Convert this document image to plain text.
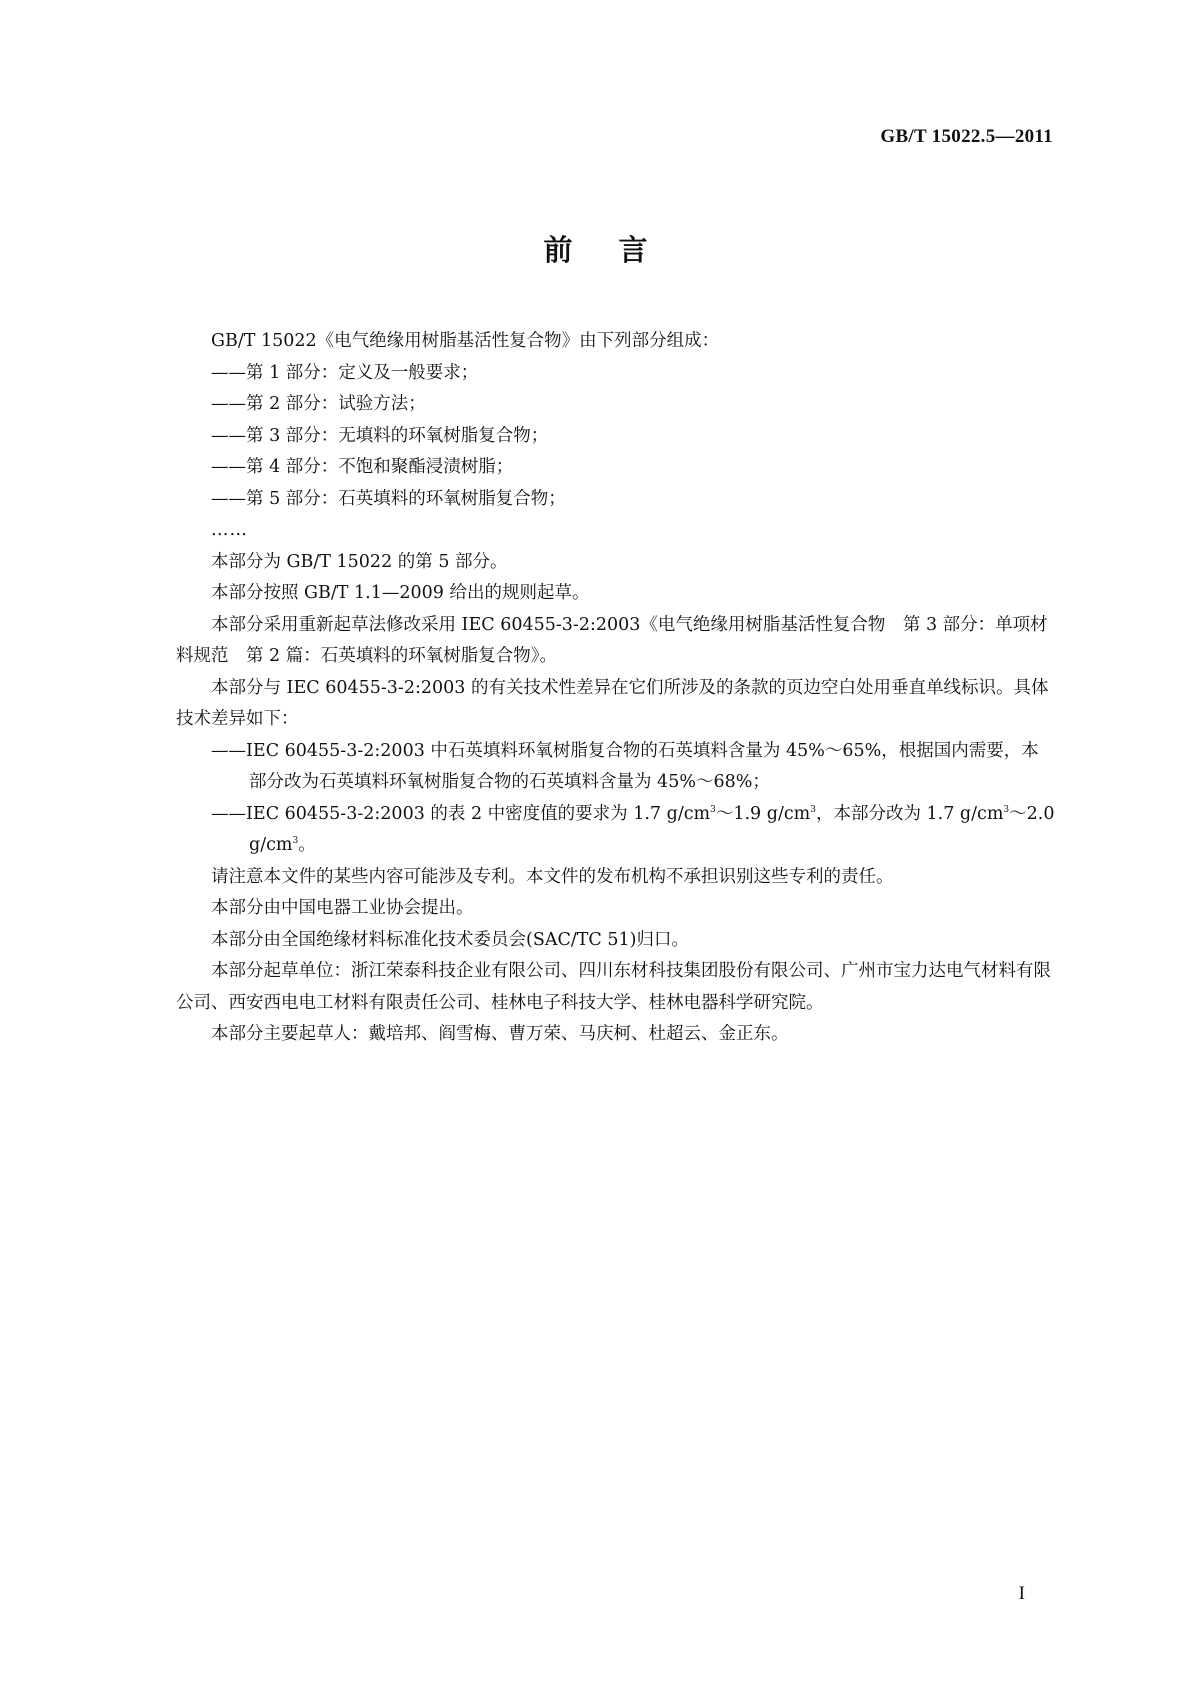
GB/T 15022.5—2011
前言

GB/T 15022《电气绝缘用树脂基活性复合物》由下列部分组成：

——第 1 部分：定义及一般要求；

——第 2 部分：试验方法；

——第 3 部分：无填料的环氧树脂复合物；

——第 4 部分：不饱和聚酯浸渍树脂；

——第 5 部分：石英填料的环氧树脂复合物；

……

本部分为 GB/T 15022 的第 5 部分。

本部分按照 GB/T 1.1—2009 给出的规则起草。

本部分采用重新起草法修改采用 IEC 60455-3-2:2003《电气绝缘用树脂基活性复合物　第 3 部分：单项材料规范　第 2 篇：石英填料的环氧树脂复合物》。

本部分与 IEC 60455-3-2:2003 的有关技术性差异在它们所涉及的条款的页边空白处用垂直单线标识。具体技术差异如下：

——IEC 60455-3-2:2003 中石英填料环氧树脂复合物的石英填料含量为 45%～65%，根据国内需要，本部分改为石英填料环氧树脂复合物的石英填料含量为 45%～68%；

——IEC 60455-3-2:2003 的表 2 中密度值的要求为 1.7 $g/cm^3\sim 1.9$ $g/cm^3$，本部分改为 1.7 $g/cm^3\sim 2.0$ $g/cm^3$。

请注意本文件的某些内容可能涉及专利。本文件的发布机构不承担识别这些专利的责任。

本部分由中国电器工业协会提出。

本部分由全国绝缘材料标准化技术委员会(SAC/TC 51)归口。

本部分起草单位：浙江荣泰科技企业有限公司、四川东材科技集团股份有限公司、广州市宝力达电气材料有限公司、西安西电电工材料有限责任公司、桂林电子科技大学、桂林电器科学研究院。

本部分主要起草人：戴培邦、阎雪梅、曹万荣、马庆柯、杜超云、金正东。

I
